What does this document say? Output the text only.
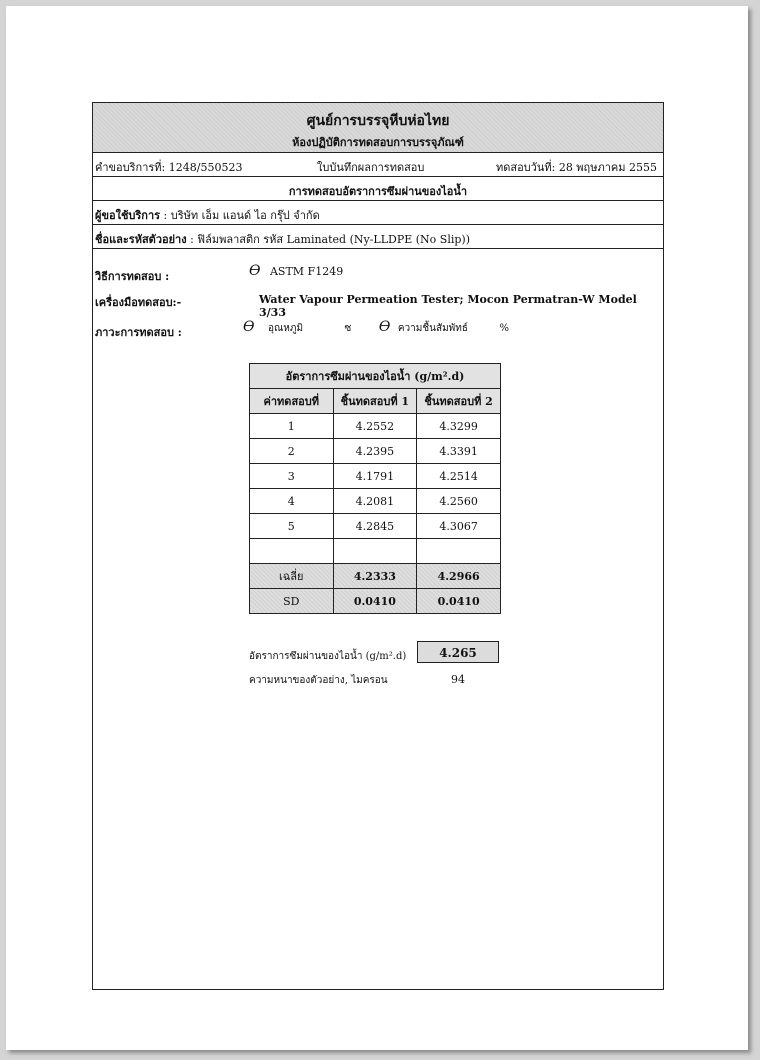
ศูนย์การบรรจุหีบห่อไทย
ห้องปฏิบัติการทดสอบการบรรจุภัณฑ์
คำขอบริการที่: 1248/550523	ใบบันทึกผลการทดสอบ	ทดสอบวันที่: 28 พฤษภาคม 2555
การทดสอบอัตราการซึมผ่านของไอน้ำ
ผู้ขอใช้บริการ : บริษัท เอ็ม แอนด์ ไอ กรุ๊ป จำกัด
ชื่อและรหัสตัวอย่าง : ฟิล์มพลาสติก รหัส Laminated (Ny-LLDPE (No Slip))
วิธีการทดสอบ :	Ө ASTM F1249
เครื่องมือทดสอบ:-	Water Vapour Permeation Tester; Mocon Permatran-W Model 3/33
ภาวะการทดสอบ :	Ө อุณหภูมิ	ซ Ө ความชื้นสัมพัทธ์	%
อัตราการซึมผ่านของไอน้ำ (g/m².d)		
ค่าทดสอบที่	ชิ้นทดสอบที่ 1	ชิ้นทดสอบที่ 2
1	4.2552	4.3299
2	4.2395	4.3391
3	4.1791	4.2514
4	4.2081	4.2560
5	4.2845	4.3067

เฉลี่ย	4.2333	4.2966
SD	0.0410	0.0410
อัตราการซึมผ่านของไอน้ำ (g/m².d)	4.265
ความหนาของตัวอย่าง, ไมครอน	94
